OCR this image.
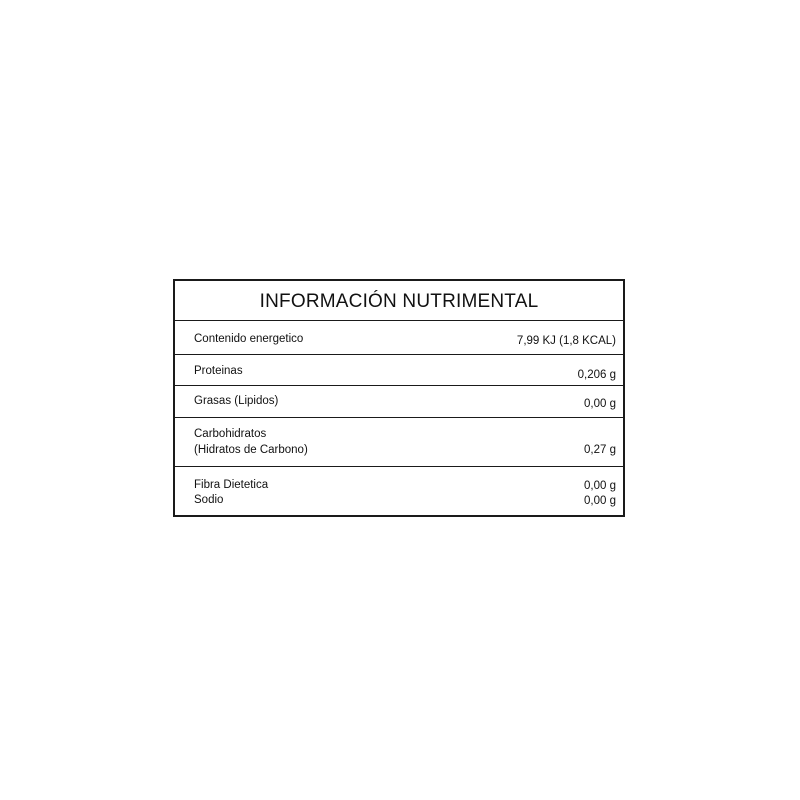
INFORMACIÓN NUTRIMENTAL
Contenido energetico	7,99 KJ (1,8 KCAL)
Proteinas	0,206 g
Grasas (Lipidos)	0,00 g
Carbohidratos
(Hidratos de Carbono)	0,27 g
Fibra Dietetica	0,00 g
Sodio	0,00 g
